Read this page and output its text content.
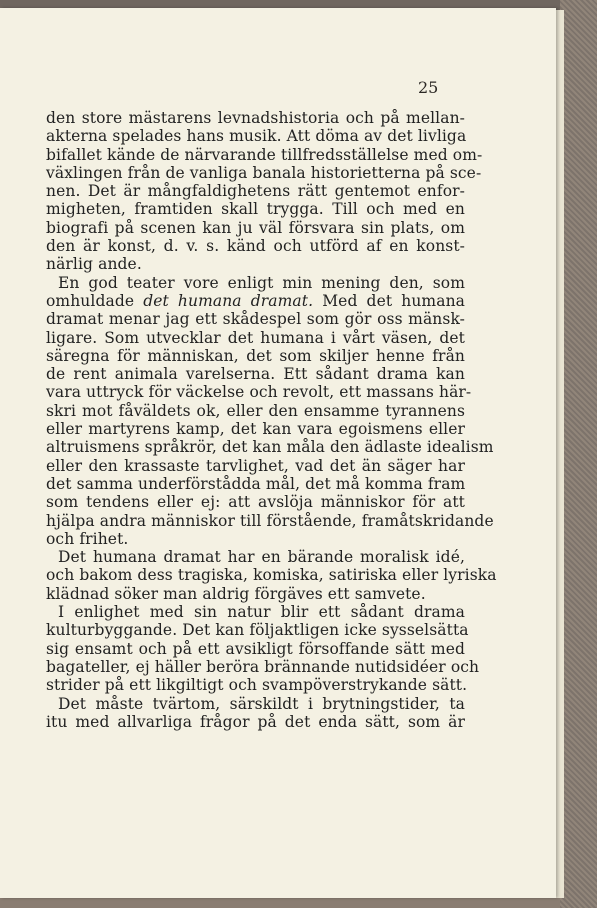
25
den store mästarens levnadshistoria och på mellan-
akterna spelades hans musik. Att döma av det livliga
bifallet kände de närvarande tillfredsställelse med om-
växlingen från de vanliga banala historietterna på sce-
nen. Det är mångfaldighetens rätt gentemot enfor-
migheten, framtiden skall trygga. Till och med en
biografi på scenen kan ju väl försvara sin plats, om
den är konst, d. v. s. känd och utförd af en konst-
närlig ande.
En god teater vore enligt min mening den, som
omhuldade det humana dramat. Med det humana
dramat menar jag ett skådespel som gör oss mänsk-
ligare. Som utvecklar det humana i vårt väsen, det
säregna för människan, det som skiljer henne från
de rent animala varelserna. Ett sådant drama kan
vara uttryck för väckelse och revolt, ett massans här-
skri mot fåväldets ok, eller den ensamme tyrannens
eller martyrens kamp, det kan vara egoismens eller
altruismens språkrör, det kan måla den ädlaste idealism
eller den krassaste tarvlighet, vad det än säger har
det samma underförstådda mål, det må komma fram
som tendens eller ej: att avslöja människor för att
hjälpa andra människor till förstående, framåtskridande
och frihet.
Det humana dramat har en bärande moralisk idé,
och bakom dess tragiska, komiska, satiriska eller lyriska
klädnad söker man aldrig förgäves ett samvete.
I enlighet med sin natur blir ett sådant drama
kulturbyggande. Det kan följaktligen icke sysselsätta
sig ensamt och på ett avsikligt försoffande sätt med
bagateller, ej häller beröra brännande nutidsidéer och
strider på ett likgiltigt och svampöverstrykande sätt.
Det måste tvärtom, särskildt i brytningstider, ta
itu med allvarliga frågor på det enda sätt, som är
